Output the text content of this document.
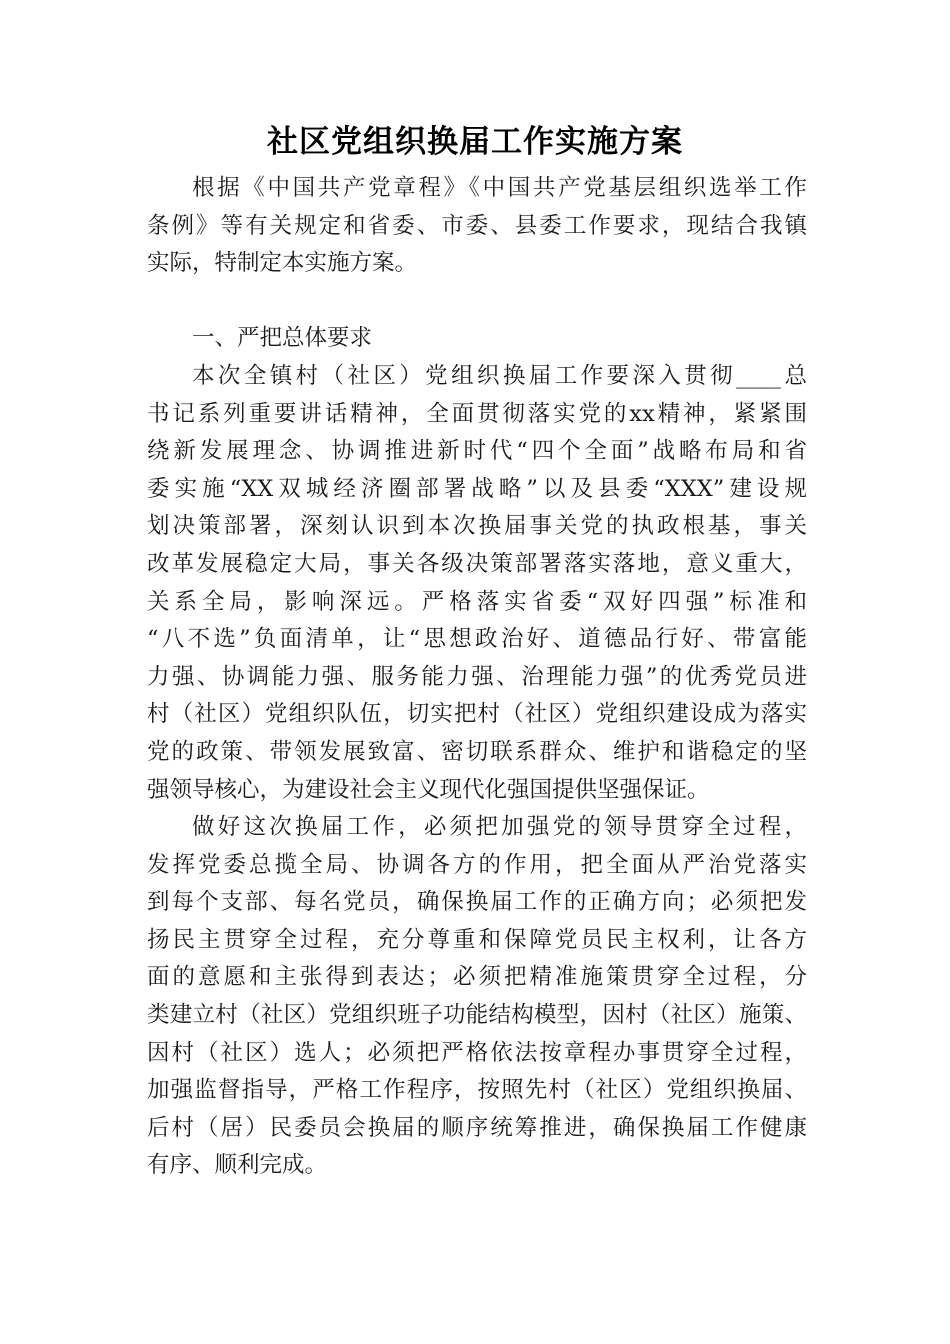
社区党组织换届工作实施方案
根据《中国共产党章程》《中国共产党基层组织选举工作
条例》等有关规定和省委、市委、县委工作要求，现结合我镇
实际，特制定本实施方案。
一、严把总体要求
本次全镇村（社区）党组织换届工作要深入贯彻____总
书记系列重要讲话精神，全面贯彻落实党的xx精神，紧紧围
绕新发展理念、协调推进新时代“四个全面”战略布局和省
委实施“XX双城经济圈部署战略”以及县委“XXX”建设规
划决策部署，深刻认识到本次换届事关党的执政根基，事关
改革发展稳定大局，事关各级决策部署落实落地，意义重大，
关系全局，影响深远。严格落实省委“双好四强”标准和
“八不选”负面清单，让“思想政治好、道德品行好、带富能
力强、协调能力强、服务能力强、治理能力强”的优秀党员进
村（社区）党组织队伍，切实把村（社区）党组织建设成为落实
党的政策、带领发展致富、密切联系群众、维护和谐稳定的坚
强领导核心，为建设社会主义现代化强国提供坚强保证。
做好这次换届工作，必须把加强党的领导贯穿全过程，
发挥党委总揽全局、协调各方的作用，把全面从严治党落实
到每个支部、每名党员，确保换届工作的正确方向；必须把发
扬民主贯穿全过程，充分尊重和保障党员民主权利，让各方
面的意愿和主张得到表达；必须把精准施策贯穿全过程，分
类建立村（社区）党组织班子功能结构模型，因村（社区）施策、
因村（社区）选人；必须把严格依法按章程办事贯穿全过程，
加强监督指导，严格工作程序，按照先村（社区）党组织换届、
后村（居）民委员会换届的顺序统筹推进，确保换届工作健康
有序、顺利完成。
